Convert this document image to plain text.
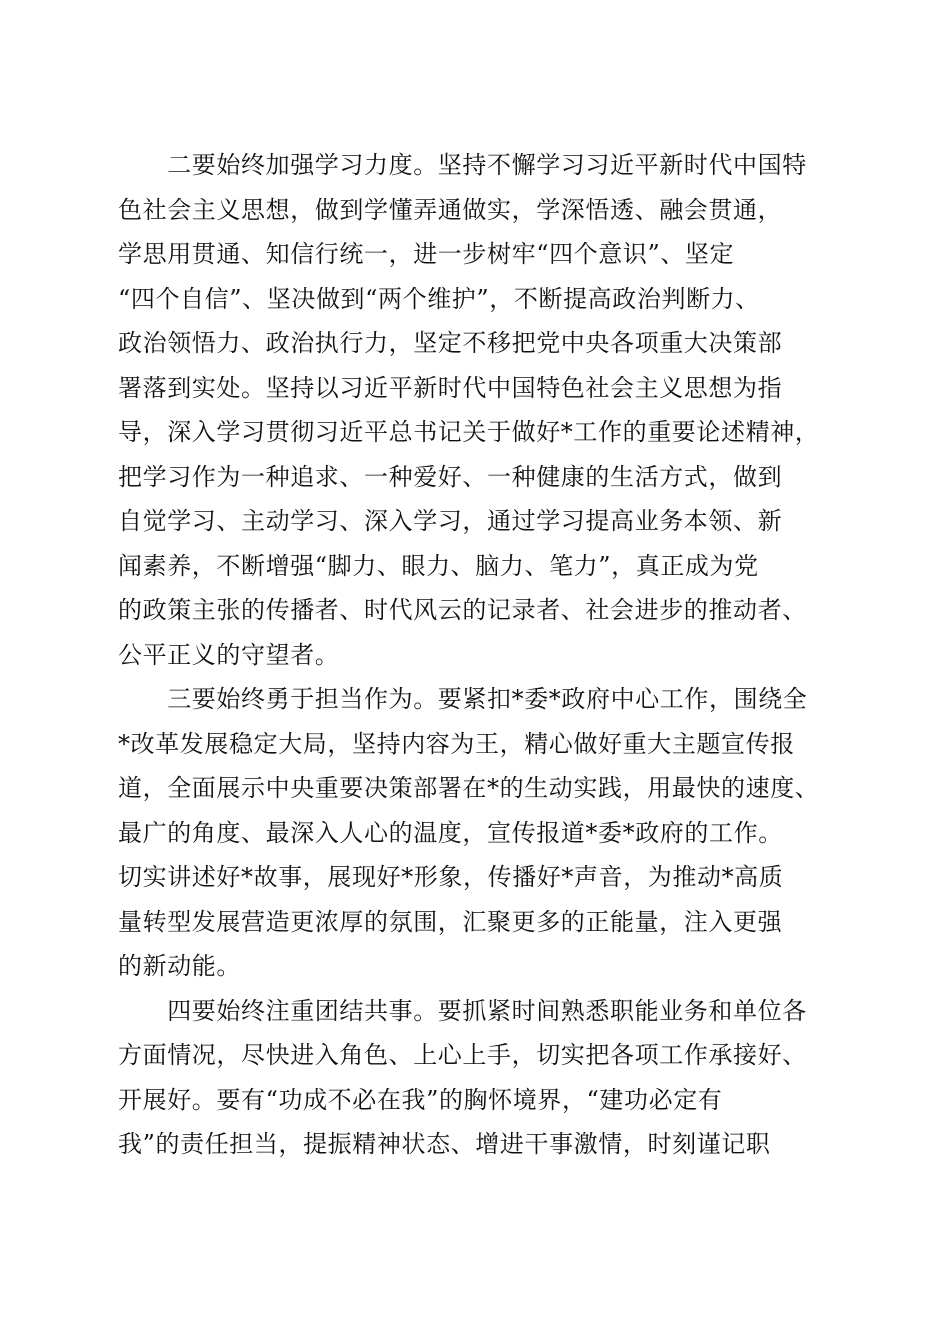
　　二要始终加强学习力度。坚持不懈学习习近平新时代中国特
色社会主义思想，做到学懂弄通做实，学深悟透、融会贯通，
学思用贯通、知信行统一，进一步树牢“四个意识”、坚定
“四个自信”、坚决做到“两个维护”，不断提高政治判断力、
政治领悟力、政治执行力，坚定不移把党中央各项重大决策部
署落到实处。坚持以习近平新时代中国特色社会主义思想为指
导，深入学习贯彻习近平总书记关于做好*工作的重要论述精神，
把学习作为一种追求、一种爱好、一种健康的生活方式，做到
自觉学习、主动学习、深入学习，通过学习提高业务本领、新
闻素养，不断增强“脚力、眼力、脑力、笔力”，真正成为党
的政策主张的传播者、时代风云的记录者、社会进步的推动者、
公平正义的守望者。
　　三要始终勇于担当作为。要紧扣*委*政府中心工作，围绕全
*改革发展稳定大局，坚持内容为王，精心做好重大主题宣传报
道，全面展示中央重要决策部署在*的生动实践，用最快的速度、
最广的角度、最深入人心的温度，宣传报道*委*政府的工作。
切实讲述好*故事，展现好*形象，传播好*声音，为推动*高质
量转型发展营造更浓厚的氛围，汇聚更多的正能量，注入更强
的新动能。
　　四要始终注重团结共事。要抓紧时间熟悉职能业务和单位各
方面情况，尽快进入角色、上心上手，切实把各项工作承接好、
开展好。要有“功成不必在我”的胸怀境界，“建功必定有
我”的责任担当，提振精神状态、增进干事激情，时刻谨记职
